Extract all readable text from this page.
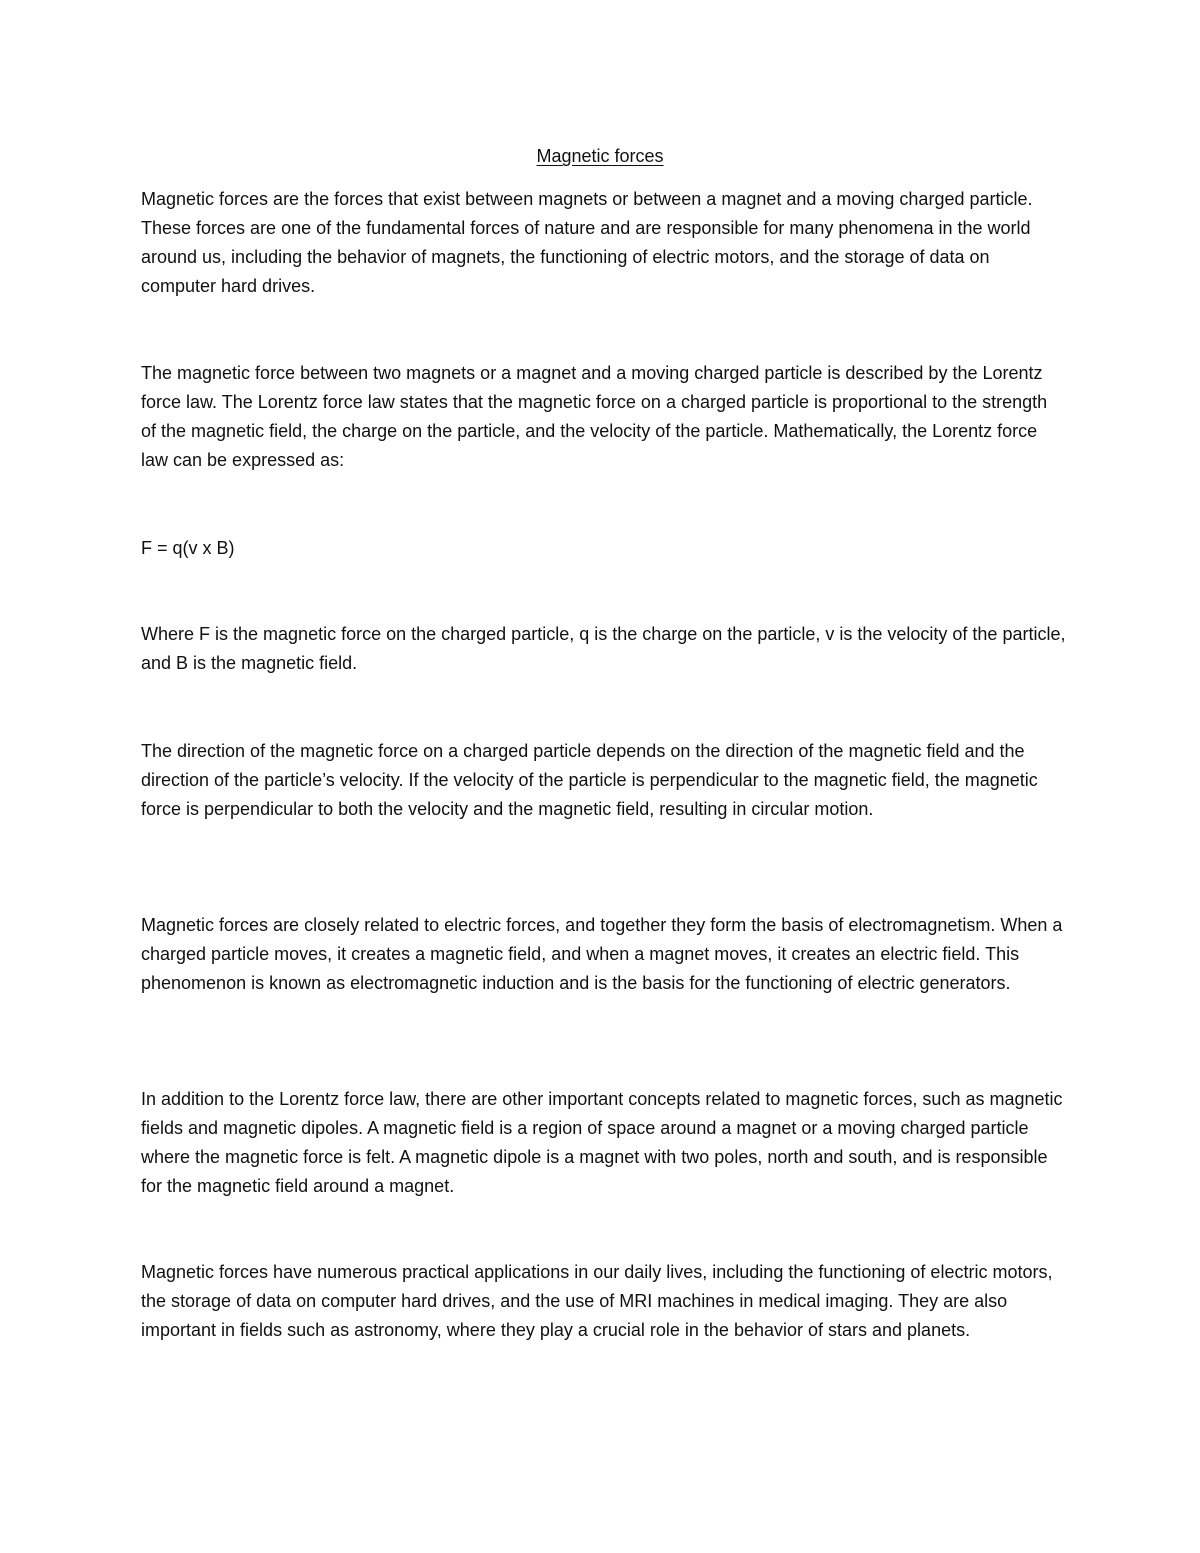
Magnetic forces

Magnetic forces are the forces that exist between magnets or between a magnet and a moving charged particle. These forces are one of the fundamental forces of nature and are responsible for many phenomena in the world around us, including the behavior of magnets, the functioning of electric motors, and the storage of data on computer hard drives.

The magnetic force between two magnets or a magnet and a moving charged particle is described by the Lorentz force law. The Lorentz force law states that the magnetic force on a charged particle is proportional to the strength of the magnetic field, the charge on the particle, and the velocity of the particle. Mathematically, the Lorentz force law can be expressed as:

F = q(v x B)

Where F is the magnetic force on the charged particle, q is the charge on the particle, v is the velocity of the particle, and B is the magnetic field.

The direction of the magnetic force on a charged particle depends on the direction of the magnetic field and the direction of the particle’s velocity. If the velocity of the particle is perpendicular to the magnetic field, the magnetic force is perpendicular to both the velocity and the magnetic field, resulting in circular motion.

Magnetic forces are closely related to electric forces, and together they form the basis of electromagnetism. When a charged particle moves, it creates a magnetic field, and when a magnet moves, it creates an electric field. This phenomenon is known as electromagnetic induction and is the basis for the functioning of electric generators.

In addition to the Lorentz force law, there are other important concepts related to magnetic forces, such as magnetic fields and magnetic dipoles. A magnetic field is a region of space around a magnet or a moving charged particle where the magnetic force is felt. A magnetic dipole is a magnet with two poles, north and south, and is responsible for the magnetic field around a magnet.

Magnetic forces have numerous practical applications in our daily lives, including the functioning of electric motors, the storage of data on computer hard drives, and the use of MRI machines in medical imaging. They are also important in fields such as astronomy, where they play a crucial role in the behavior of stars and planets.
